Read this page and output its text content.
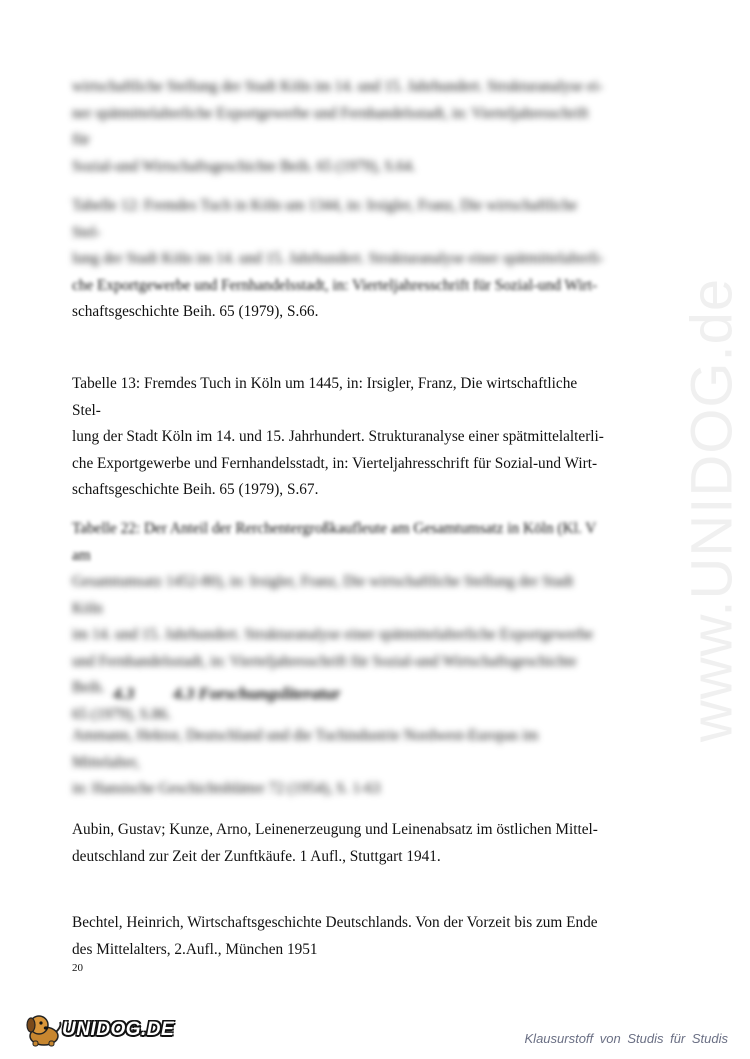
www.UNIDOG.de

wirtschaftliche Stellung der Stadt Köln im 14. und 15. Jahrhundert. Strukturanalyse ei-

ner spätmittelalterliche Exportgewerbe und Fernhandelsstadt, in: Vierteljahresschrift für

Sozial-und Wirtschaftsgeschichte Beih. 65 (1979), S.64.

Tabelle 12: Fremdes Tuch in Köln um 1344, in: Irsigler, Franz, Die wirtschaftliche Stel-

lung der Stadt Köln im 14. und 15. Jahrhundert. Strukturanalyse einer spätmittelalterli-

che Exportgewerbe und Fernhandelsstadt, in: Vierteljahresschrift für Sozial-und Wirt-

schaftsgeschichte Beih. 65 (1979), S.66.

Tabelle 13: Fremdes Tuch in Köln um 1445, in: Irsigler, Franz, Die wirtschaftliche Stel-

lung der Stadt Köln im 14. und 15. Jahrhundert. Strukturanalyse einer spätmittelalterli-

che Exportgewerbe und Fernhandelsstadt, in: Vierteljahresschrift für Sozial-und Wirt-

schaftsgeschichte Beih. 65 (1979), S.67.

Tabelle 22: Der Anteil der Rerchentergroßkaufleute am Gesamtumsatz in Köln (Kl. V am

Gesamtumsatz 1452-80), in: Irsigler, Franz, Die wirtschaftliche Stellung der Stadt Köln

im 14. und 15. Jahrhundert. Strukturanalyse einer spätmittelalterliche Exportgewerbe

und Fernhandelsstadt, in: Vierteljahresschrift für Sozial-und Wirtschaftsgeschichte Beih.

65 (1979), S.86.

4.3 4.3 Forschungsliteratur

Ammann, Hektor, Deutschland und die Tuchindustrie Nordwest-Europas im Mittelalter,

in: Hansische Geschichtsblätter 72 (1954), S. 1-63

Aubin, Gustav; Kunze, Arno, Leinenerzeugung und Leinenabsatz im östlichen Mittel-

deutschland zur Zeit der Zunftkäufe. 1 Aufl., Stuttgart 1941.

Bechtel, Heinrich, Wirtschaftsgeschichte Deutschlands. Von der Vorzeit bis zum Ende

des Mittelalters, 2.Aufl., München 1951

20
UNIDOG.DE	Klausurstoff von Studis für Studis
